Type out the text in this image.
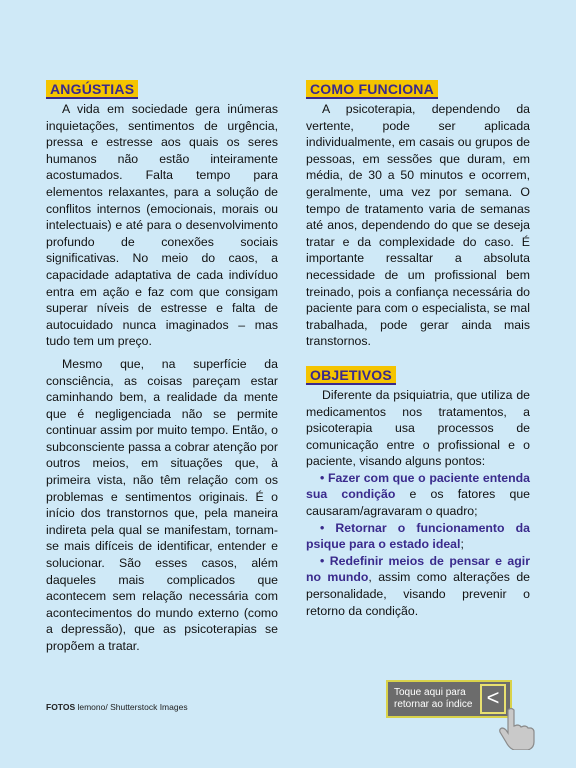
ANGÚSTIAS

A vida em sociedade gera inúmeras inquietações, sentimentos de urgência, pressa e estresse aos quais os seres humanos não estão inteiramente acostumados. Falta tempo para elementos relaxantes, para a solução de conflitos internos (emocionais, morais ou intelectuais) e até para o desenvolvimento profundo de conexões sociais significativas. No meio do caos, a capacidade adaptativa de cada indivíduo entra em ação e faz com que consigam superar níveis de estresse e falta de autocuidado nunca imaginados – mas tudo tem um preço.

Mesmo que, na superfície da consciência, as coisas pareçam estar caminhando bem, a realidade da mente que é negligenciada não se permite continuar assim por muito tempo. Então, o subconsciente passa a cobrar atenção por outros meios, em situações que, à primeira vista, não têm relação com os problemas e sentimentos originais. É o início dos transtornos que, pela maneira indireta pela qual se manifestam, tornam-se mais difíceis de identificar, entender e solucionar. São esses casos, além daqueles mais complicados que acontecem sem relação necessária com acontecimentos do mundo externo (como a depressão), que as psicoterapias se propõem a tratar.

COMO FUNCIONA

A psicoterapia, dependendo da vertente, pode ser aplicada individualmente, em casais ou grupos de pessoas, em sessões que duram, em média, de 30 a 50 minutos e ocorrem, geralmente, uma vez por semana. O tempo de tratamento varia de semanas até anos, dependendo do que se deseja tratar e da complexidade do caso. É importante ressaltar a absoluta necessidade de um profissional bem treinado, pois a confiança necessária do paciente para com o especialista, se mal trabalhada, pode gerar ainda mais transtornos.

OBJETIVOS

Diferente da psiquiatria, que utiliza de medicamentos nos tratamentos, a psicoterapia usa processos de comunicação entre o profissional e o paciente, visando alguns pontos:

• Fazer com que o paciente entenda sua condição e os fatores que causaram/agravaram o quadro;

• Retornar o funcionamento da psique para o estado ideal;

• Redefinir meios de pensar e agir no mundo, assim como alterações de personalidade, visando prevenir o retorno da condição.

FOTOS lemono/ Shutterstock Images
Toque aqui para retornar ao índice <
